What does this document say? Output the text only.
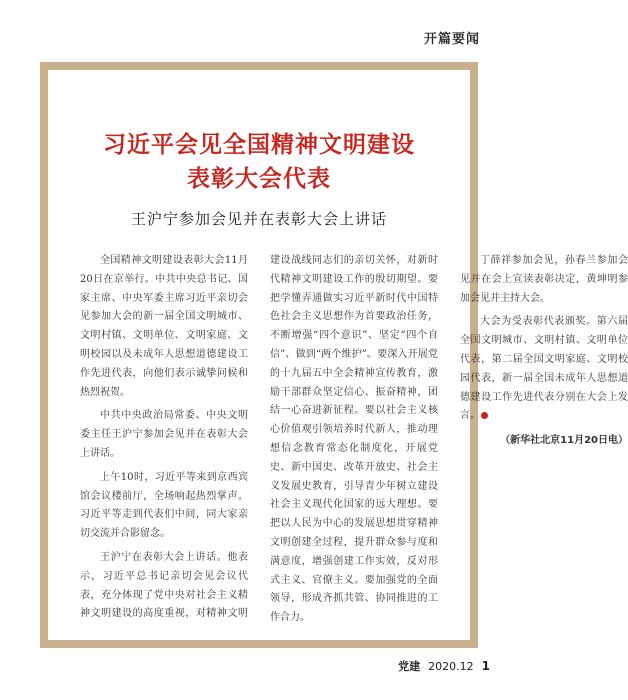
开篇要闻
习近平会见全国精神文明建设
表彰大会代表
王沪宁参加会见并在表彰大会上讲话

全国精神文明建设表彰大会11月20日在京举行。中共中央总书记、国家主席、中央军委主席习近平亲切会见参加大会的新一届全国文明城市、文明村镇、文明单位、文明家庭、文明校园以及未成年人思想道德建设工作先进代表，向他们表示诚挚问候和热烈祝贺。

中共中央政治局常委、中央文明委主任王沪宁参加会见并在表彰大会上讲话。

上午10时，习近平等来到京西宾馆会议楼前厅，全场响起热烈掌声。习近平等走到代表们中间，同大家亲切交流并合影留念。

王沪宁在表彰大会上讲话。他表示，习近平总书记亲切会见会议代表，充分体现了党中央对社会主义精神文明建设的高度重视，对精神文明建设战线同志们的亲切关怀，对新时代精神文明建设工作的殷切期望。要把学懂弄通做实习近平新时代中国特色社会主义思想作为首要政治任务，不断增强“四个意识”、坚定“四个自信”、做到“两个维护”。要深入开展党的十九届五中全会精神宣传教育，激励干部群众坚定信心、振奋精神，团结一心奋进新征程。要以社会主义核心价值观引领培养时代新人，推动理想信念教育常态化制度化，开展党史、新中国史、改革开放史、社会主义发展史教育，引导青少年树立建设社会主义现代化国家的远大理想。要把以人民为中心的发展思想贯穿精神文明创建全过程，提升群众参与度和满意度，增强创建工作实效，反对形式主义、官僚主义。要加强党的全面领导，形成齐抓共管、协同推进的工作合力。

丁薛祥参加会见，孙春兰参加会见并在会上宣读表彰决定，黄坤明参加会见并主持大会。

大会为受表彰代表颁奖。第六届全国文明城市、文明村镇、文明单位代表，第二届全国文明家庭、文明校园代表，新一届全国未成年人思想道德建设工作先进代表分别在大会上发言。

（新华社北京11月20日电）
党建 2020.12 1
